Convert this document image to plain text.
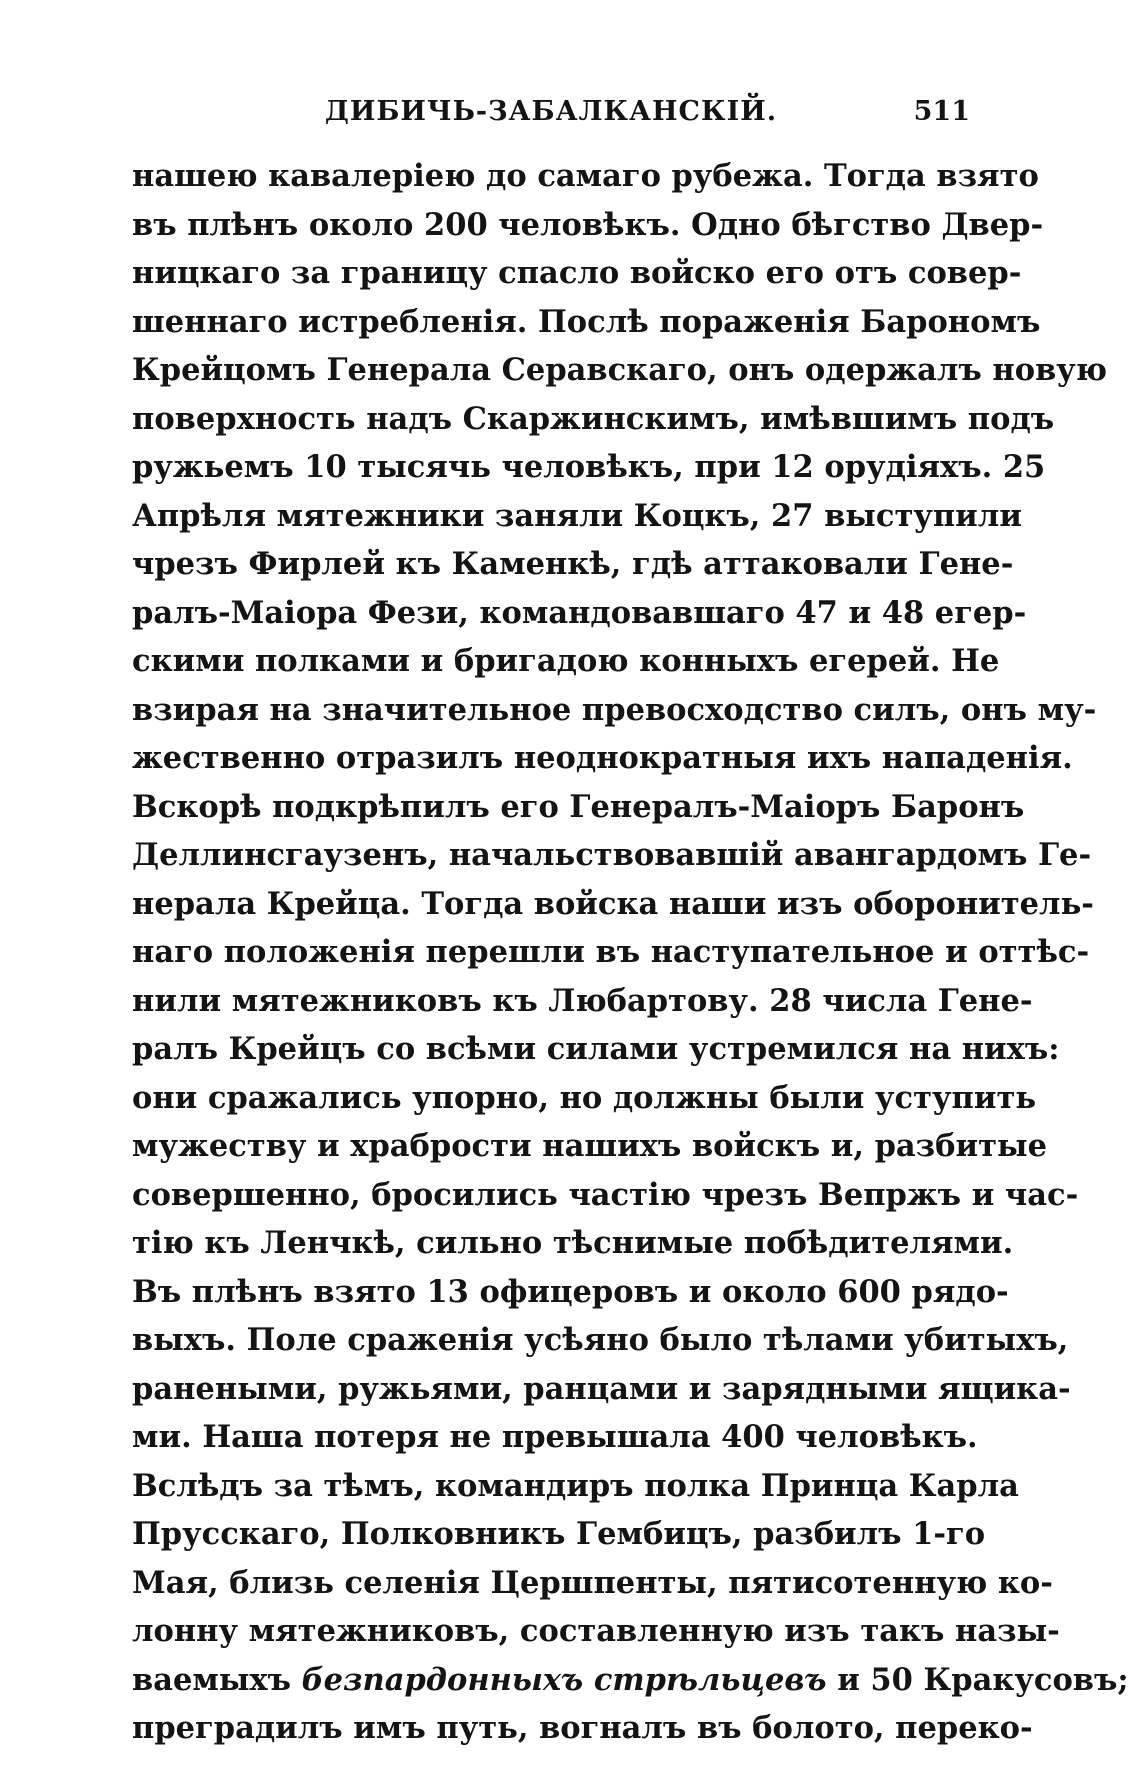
ДИБИЧЬ-ЗАБАЛКАНСКІЙ.	511
нашею кавалеріею до самаго рубежа. Тогда взято
въ плѣнъ около 200 человѣкъ. Одно бѣгство Двер-
ницкаго за границу спасло войско его отъ совер-
шеннаго истребленія. Послѣ пораженія Барономъ
Крейцомъ Генерала Серавскаго, онъ одержалъ новую
поверхность надъ Скаржинскимъ, имѣвшимъ подъ
ружьемъ 10 тысячь человѣкъ, при 12 орудіяхъ. 25
Апрѣля мятежники заняли Коцкъ, 27 выступили
чрезъ Фирлей къ Каменкѣ, гдѣ аттаковали Гене-
ралъ-Маіора Фези, командовавшаго 47 и 48 егер-
скими полками и бригадою конныхъ егерей. Не
взирая на значительное превосходство силъ, онъ му-
жественно отразилъ неоднократныя ихъ нападенія.
Вскорѣ подкрѣпилъ его Генералъ-Маіоръ Баронъ
Деллинсгаузенъ, начальствовавшій авангардомъ Ге-
нерала Крейца. Тогда войска наши изъ оборонитель-
наго положенія перешли въ наступательное и оттѣс-
нили мятежниковъ къ Любартову. 28 числа Гене-
ралъ Крейцъ со всѣми силами устремился на нихъ:
они сражались упорно, но должны были уступить
мужеству и храбрости нашихъ войскъ и, разбитые
совершенно, бросились частію чрезъ Вепржъ и час-
тію къ Ленчкѣ, сильно тѣснимые побѣдителями.
Въ плѣнъ взято 13 офицеровъ и около 600 рядо-
выхъ. Поле сраженія усѣяно было тѣлами убитыхъ,
ранеными, ружьями, ранцами и зарядными ящика-
ми. Наша потеря не превышала 400 человѣкъ.
Вслѣдъ за тѣмъ, командиръ полка Принца Карла
Прусскаго, Полковникъ Гембицъ, разбилъ 1-го
Мая, близь селенія Цершпенты, пятисотенную ко-
лонну мятежниковъ, составленную изъ такъ назы-
ваемыхъ безпардонныхъ стрѣльцевъ и 50 Кракусовъ;
преградилъ имъ путь, вогналъ въ болото, переко-
